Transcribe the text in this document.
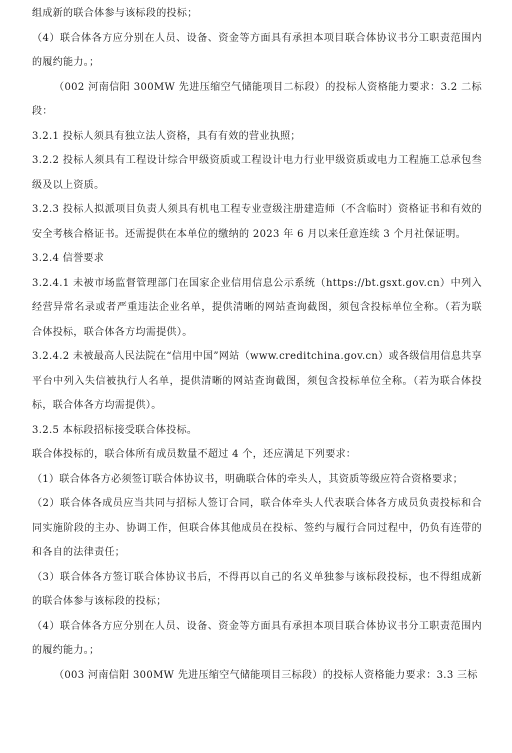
组成新的联合体参与该标段的投标；

（4）联合体各方应分别在人员、设备、资金等方面具有承担本项目联合体协议书分工职责范围内的履约能力。；

（002 河南信阳 300MW 先进压缩空气储能项目二标段）的投标人资格能力要求：3.2 二标段：

3.2.1 投标人须具有独立法人资格，具有有效的营业执照；

3.2.2 投标人须具有工程设计综合甲级资质或工程设计电力行业甲级资质或电力工程施工总承包叁级及以上资质。

3.2.3 投标人拟派项目负责人须具有机电工程专业壹级注册建造师（不含临时）资格证书和有效的安全考核合格证书。还需提供在本单位的缴纳的 2023 年 6 月以来任意连续 3 个月社保证明。

3.2.4 信誉要求

3.2.4.1 未被市场监督管理部门在国家企业信用信息公示系统（https://bt.gsxt.gov.cn）中列入经营异常名录或者严重违法企业名单，提供清晰的网站查询截图，须包含投标单位全称。（若为联合体投标，联合体各方均需提供）。

3.2.4.2 未被最高人民法院在“信用中国”网站（www.creditchina.gov.cn）或各级信用信息共享平台中列入失信被执行人名单，提供清晰的网站查询截图，须包含投标单位全称。（若为联合体投标，联合体各方均需提供）。

3.2.5 本标段招标接受联合体投标。

联合体投标的，联合体所有成员数量不超过 4 个，还应满足下列要求：

（1）联合体各方必须签订联合体协议书，明确联合体的牵头人，其资质等级应符合资格要求；

（2）联合体各成员应当共同与招标人签订合同，联合体牵头人代表联合体各方成员负责投标和合同实施阶段的主办、协调工作，但联合体其他成员在投标、签约与履行合同过程中，仍负有连带的和各自的法律责任；

（3）联合体各方签订联合体协议书后，不得再以自己的名义单独参与该标段投标，也不得组成新的联合体参与该标段的投标；

（4）联合体各方应分别在人员、设备、资金等方面具有承担本项目联合体协议书分工职责范围内的履约能力。；

（003 河南信阳 300MW 先进压缩空气储能项目三标段）的投标人资格能力要求：3.3 三标
